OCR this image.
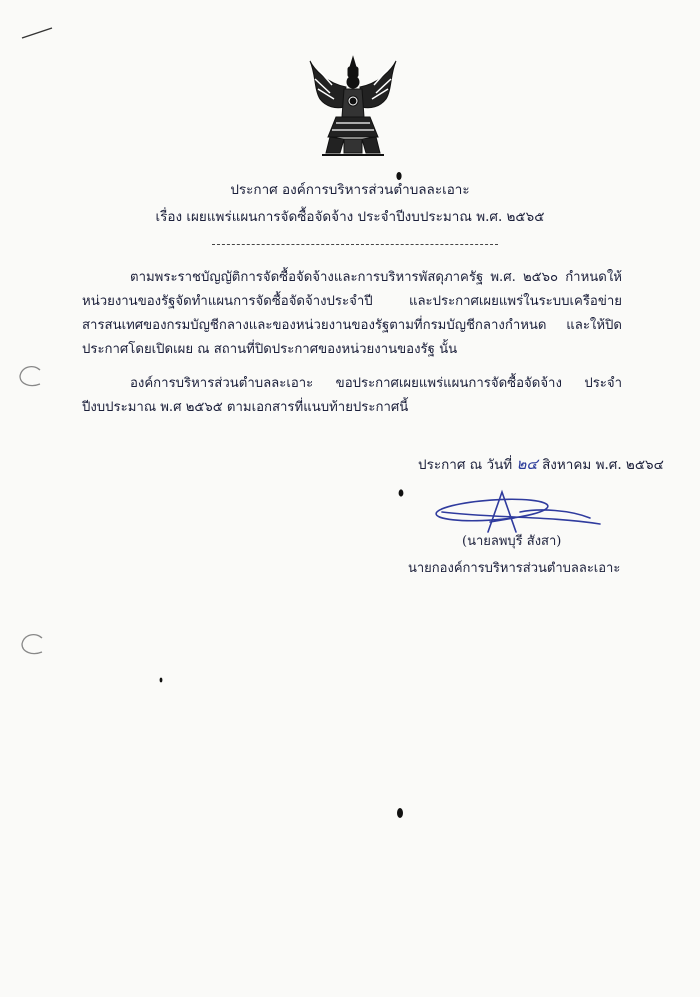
ประกาศ องค์การบริหารส่วนตำบลละเอาะ
เรื่อง เผยแพร่แผนการจัดซื้อจัดจ้าง ประจำปีงบประมาณ พ.ศ. ๒๕๖๕
ตามพระราชบัญญัติการจัดซื้อจัดจ้างและการบริหารพัสดุภาครัฐ พ.ศ. ๒๕๖๐ กำหนดให้หน่วยงานของรัฐจัดทำแผนการจัดซื้อจัดจ้างประจำปี และประกาศเผยแพร่ในระบบเครือข่ายสารสนเทศของกรมบัญชีกลางและของหน่วยงานของรัฐตามที่กรมบัญชีกลางกำหนด และให้ปิดประกาศโดยเปิดเผย ณ สถานที่ปิดประกาศของหน่วยงานของรัฐ นั้น
องค์การบริหารส่วนตำบลละเอาะ ขอประกาศเผยแพร่แผนการจัดซื้อจัดจ้าง ประจำปีงบประมาณ พ.ศ ๒๕๖๕ ตามเอกสารที่แนบท้ายประกาศนี้
ประกาศ ณ วันที่ ๒๔ สิงหาคม พ.ศ. ๒๕๖๔
(นายลพบุรี สังสา)
นายกองค์การบริหารส่วนตำบลละเอาะ
